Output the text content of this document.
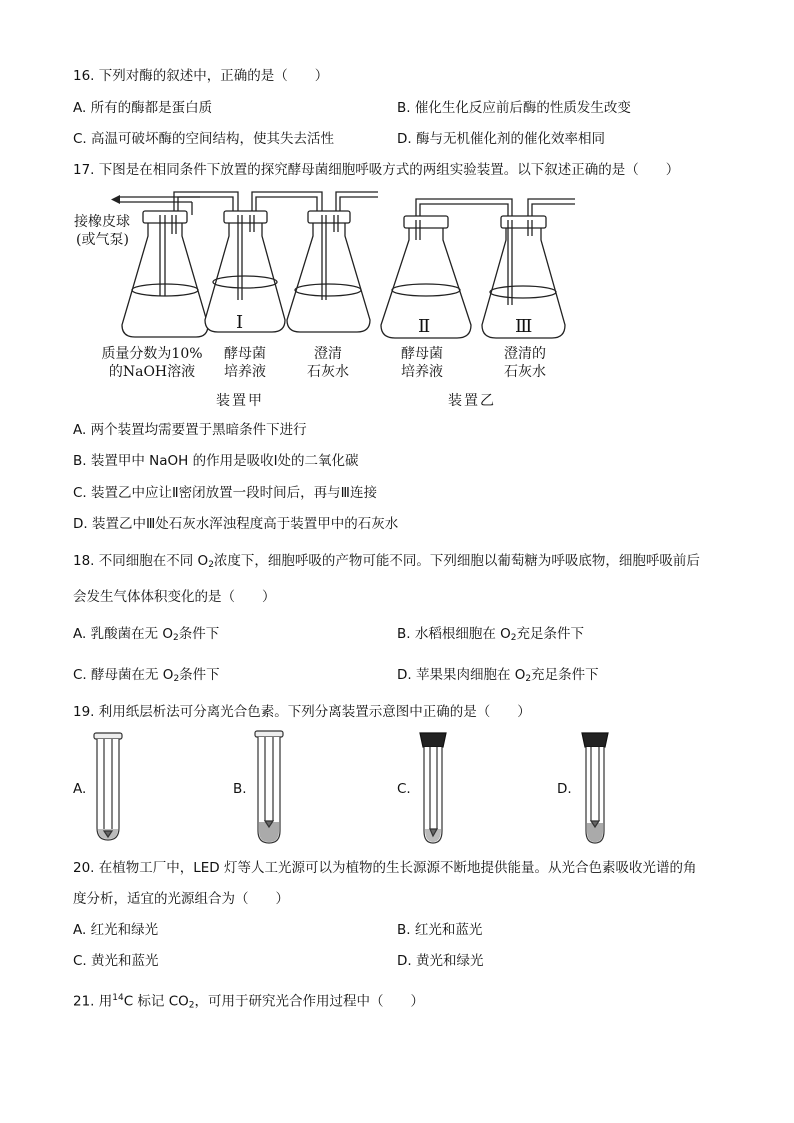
16. 下列对酶的叙述中，正确的是（　　）
A. 所有的酶都是蛋白质	B. 催化生化反应前后酶的性质发生改变
C. 高温可破坏酶的空间结构，使其失去活性	D. 酶与无机催化剂的催化效率相同
17. 下图是在相同条件下放置的探究酵母菌细胞呼吸方式的两组实验装置。以下叙述正确的是（　　）
接橡皮球
(或气泵)
Ⅰ	Ⅱ	Ⅲ
质量分数为10%
的NaOH溶液
酵母菌
培养液
澄清
石灰水
酵母菌
培养液
澄清的
石灰水
装置甲	装置乙
A. 两个装置均需要置于黑暗条件下进行
B. 装置甲中 NaOH 的作用是吸收Ⅰ处的二氧化碳
C. 装置乙中应让Ⅱ密闭放置一段时间后，再与Ⅲ连接
D. 装置乙中Ⅲ处石灰水浑浊程度高于装置甲中的石灰水
18. 不同细胞在不同 $O_2$浓度下，细胞呼吸的产物可能不同。下列细胞以葡萄糖为呼吸底物，细胞呼吸前后
会发生气体体积变化的是（　　）
A. 乳酸菌在无 $O_2$条件下	B. 水稻根细胞在 $O_2$充足条件下
C. 酵母菌在无 $O_2$条件下	D. 苹果果肉细胞在 $O_2$充足条件下
19. 利用纸层析法可分离光合色素。下列分离装置示意图中正确的是（　　）
A.	B.	C.	D.
20. 在植物工厂中，LED 灯等人工光源可以为植物的生长源源不断地提供能量。从光合色素吸收光谱的角
度分析，适宜的光源组合为（　　）
A. 红光和绿光	B. 红光和蓝光
C. 黄光和蓝光	D. 黄光和绿光
21. 用$^{14}$C 标记 $CO_2$，可用于研究光合作用过程中（　　）
